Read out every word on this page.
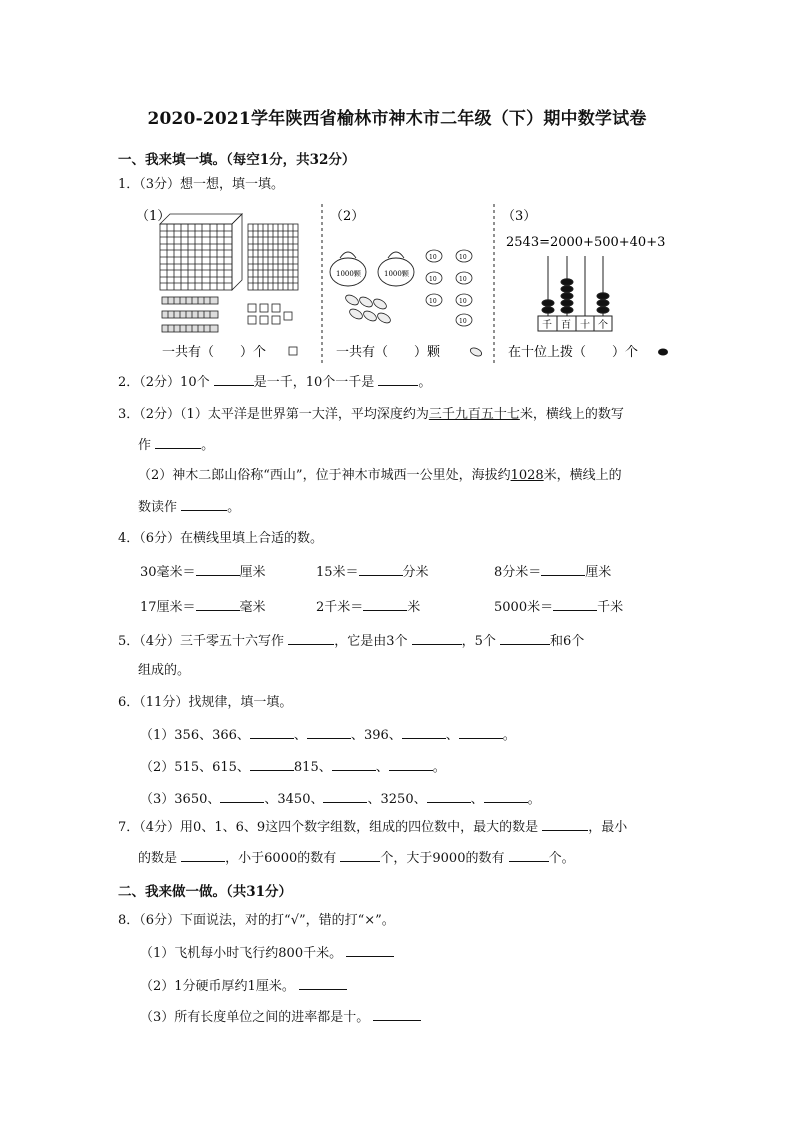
2020-2021学年陕西省榆林市神木市二年级（下）期中数学试卷
一、我来填一填。（每空1分，共32分）
1．（3分）想一想，填一填。
（1）
一共有（　　）个
（2）
1000颗	1000颗
10	10
10	10
10	10
10
一共有（　　）颗
（3）
2543=2000+500+40+3
千 百 十 个
在十位上拨（　　）个
2．（2分）10个	是一千，10个一千是	。
3．（2分）（1）太平洋是世界第一大洋，平均深度约为三千九百五十七米，横线上的数写
作	。
（2）神木二郎山俗称“西山”，位于神木市城西一公里处，海拔约1028米，横线上的
数读作	。
4．（6分）在横线里填上合适的数。
30毫米＝	厘米	15米＝	分米	8分米＝	厘米
17厘米＝	毫米	2千米＝	米	5000米＝	千米
5．（4分）三千零五十六写作	，它是由3个	，5个	和6个
组成的。
6．（11分）找规律，填一填。
（1）356、366、	、	、396、	、	。
（2）515、615、	815、	、	。
（3）3650、	、3450、	、3250、	、	。
7．（4分）用0、1、6、9这四个数字组数，组成的四位数中，最大的数是	，最小
的数是	，小于6000的数有	个，大于9000的数有	个。
二、我来做一做。（共31分）
8．（6分）下面说法，对的打“√”，错的打“×”。
（1）飞机每小时飞行约800千米。
（2）1分硬币厚约1厘米。
（3）所有长度单位之间的进率都是十。
